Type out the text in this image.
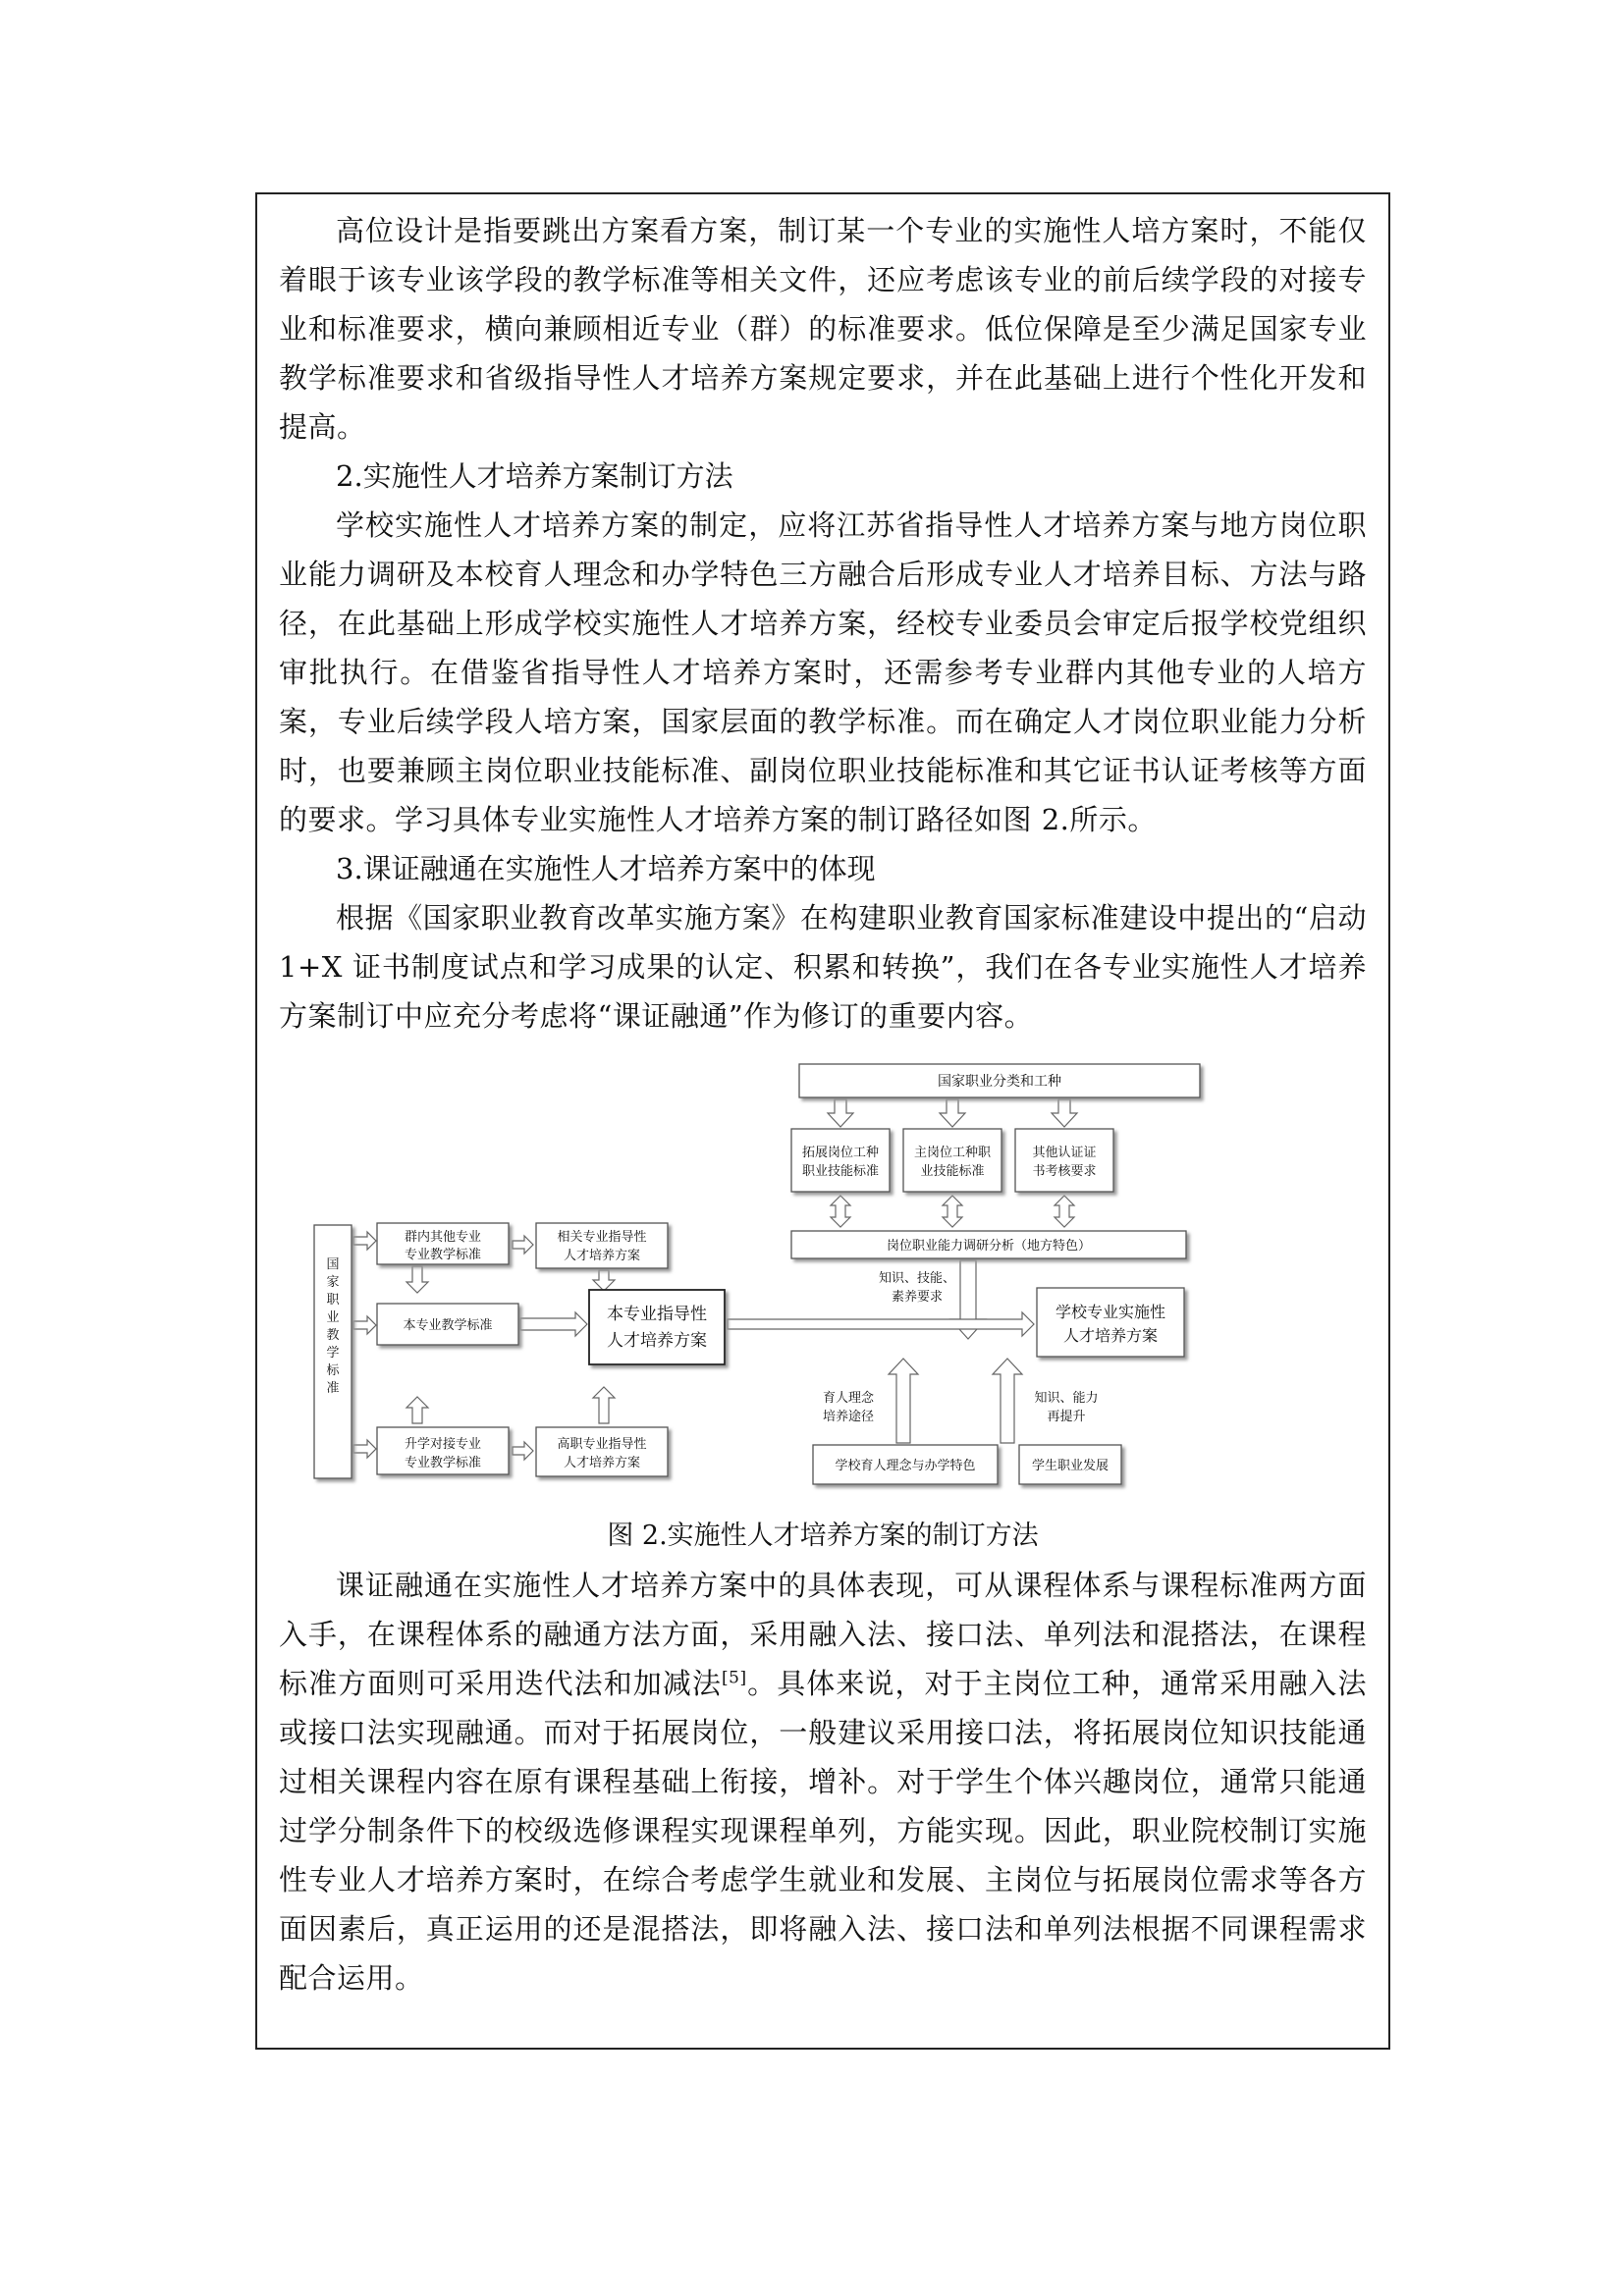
高位设计是指要跳出方案看方案，制订某一个专业的实施性人培方案时，不能仅着眼于该专业该学段的教学标准等相关文件，还应考虑该专业的前后续学段的对接专业和标准要求，横向兼顾相近专业（群）的标准要求。低位保障是至少满足国家专业教学标准要求和省级指导性人才培养方案规定要求，并在此基础上进行个性化开发和提高。

2.实施性人才培养方案制订方法

学校实施性人才培养方案的制定，应将江苏省指导性人才培养方案与地方岗位职业能力调研及本校育人理念和办学特色三方融合后形成专业人才培养目标、方法与路径，在此基础上形成学校实施性人才培养方案，经校专业委员会审定后报学校党组织审批执行。在借鉴省指导性人才培养方案时，还需参考专业群内其他专业的人培方案，专业后续学段人培方案，国家层面的教学标准。而在确定人才岗位职业能力分析时，也要兼顾主岗位职业技能标准、副岗位职业技能标准和其它证书认证考核等方面的要求。学习具体专业实施性人才培养方案的制订路径如图 2.所示。

3.课证融通在实施性人才培养方案中的体现

根据《国家职业教育改革实施方案》在构建职业教育国家标准建设中提出的“启动 1+X 证书制度试点和学习成果的认定、积累和转换”，我们在各专业实施性人才培养方案制订中应充分考虑将“课证融通”作为修订的重要内容。

国家职业分类和工种
拓展岗位工种
职业技能标准
主岗位工种职
业技能标准
其他认证证
书考核要求
岗位职业能力调研分析（地方特色）
知识、技能、
素养要求
国
家
职
业
教
学
标
准
群内其他专业
专业教学标准
相关专业指导性
人才培养方案
本专业教学标准
本专业指导性
人才培养方案
学校专业实施性
人才培养方案
升学对接专业
专业教学标准
高职专业指导性
人才培养方案
育人理念
培养途径
知识、能力
再提升
学校育人理念与办学特色	学生职业发展

图 2.实施性人才培养方案的制订方法

课证融通在实施性人才培养方案中的具体表现，可从课程体系与课程标准两方面入手，在课程体系的融通方法方面，采用融入法、接口法、单列法和混搭法，在课程标准方面则可采用迭代法和加减法[5]。具体来说，对于主岗位工种，通常采用融入法或接口法实现融通。而对于拓展岗位，一般建议采用接口法，将拓展岗位知识技能通过相关课程内容在原有课程基础上衔接，增补。对于学生个体兴趣岗位，通常只能通过学分制条件下的校级选修课程实现课程单列，方能实现。因此，职业院校制订实施性专业人才培养方案时，在综合考虑学生就业和发展、主岗位与拓展岗位需求等各方面因素后，真正运用的还是混搭法，即将融入法、接口法和单列法根据不同课程需求配合运用。
